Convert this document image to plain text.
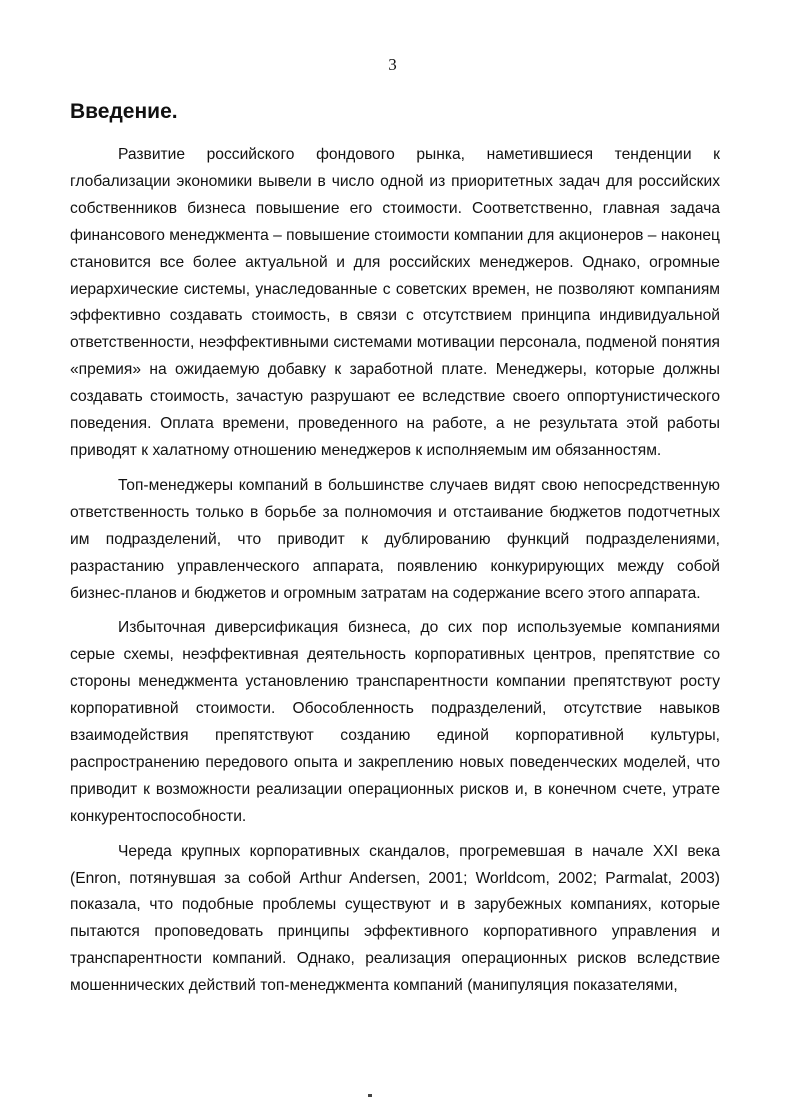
3
Введение.

Развитие российского фондового рынка, наметившиеся тенденции к глобализации экономики вывели в число одной из приоритетных задач для российских собственников бизнеса повышение его стоимости. Соответственно, главная задача финансового менеджмента – повышение стоимости компании для акционеров – наконец становится все более актуальной и для российских менеджеров. Однако, огромные иерархические системы, унаследованные с советских времен, не позволяют компаниям эффективно создавать стоимость, в связи с отсутствием принципа индивидуальной ответственности, неэффективными системами мотивации персонала, подменой понятия «премия» на ожидаемую добавку к заработной плате. Менеджеры, которые должны создавать стоимость, зачастую разрушают ее вследствие своего оппортунистического поведения. Оплата времени, проведенного на работе, а не результата этой работы приводят к халатному отношению менеджеров к исполняемым им обязанностям.

Топ-менеджеры компаний в большинстве случаев видят свою непосредственную ответственность только в борьбе за полномочия и отстаивание бюджетов подотчетных им подразделений, что приводит к дублированию функций подразделениями, разрастанию управленческого аппарата, появлению конкурирующих между собой бизнес-планов и бюджетов и огромным затратам на содержание всего этого аппарата.

Избыточная диверсификация бизнеса, до сих пор используемые компаниями серые схемы, неэффективная деятельность корпоративных центров, препятствие со стороны менеджмента установлению транспарентности компании препятствуют росту корпоративной стоимости. Обособленность подразделений, отсутствие навыков взаимодействия препятствуют созданию единой корпоративной культуры, распространению передового опыта и закреплению новых поведенческих моделей, что приводит к возможности реализации операционных рисков и, в конечном счете, утрате конкурентоспособности.

Череда крупных корпоративных скандалов, прогремевшая в начале XXI века (Enron, потянувшая за собой Arthur Andersen, 2001; Worldcom, 2002; Parmalat, 2003) показала, что подобные проблемы существуют и в зарубежных компаниях, которые пытаются проповедовать принципы эффективного корпоративного управления и транспарентности компаний. Однако, реализация операционных рисков вследствие мошеннических действий топ-менеджмента компаний (манипуляция показателями,
